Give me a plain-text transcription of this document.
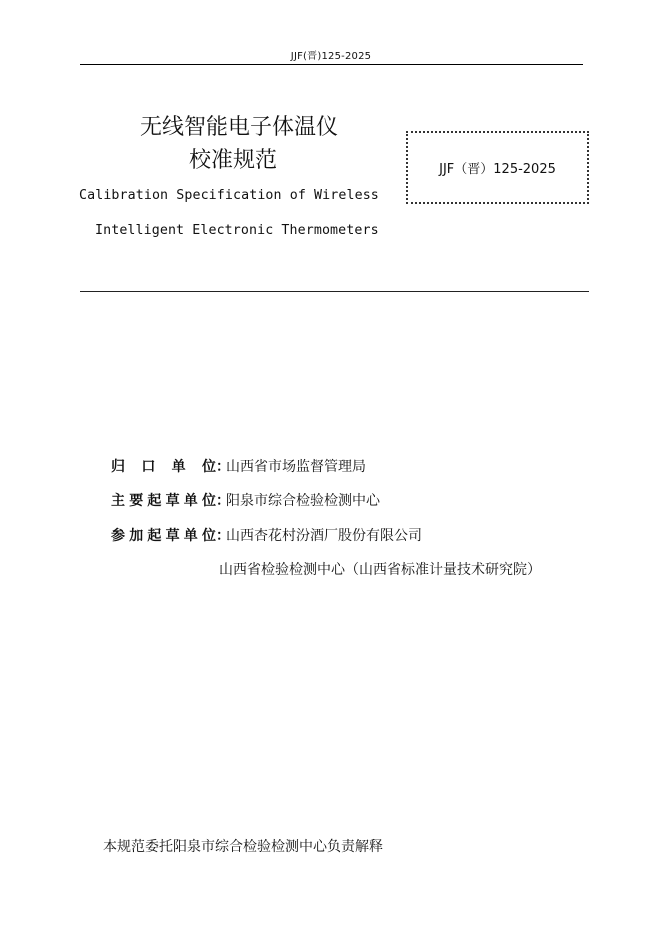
JJF(晋)125-2025
无线智能电子体温仪
校准规范
Calibration Specification of Wireless
Intelligent Electronic Thermometers
JJF（晋）125-2025
归 口 单 位：山西省市场监督管理局
主要起草单位：阳泉市综合检验检测中心
参加起草单位：山西杏花村汾酒厂股份有限公司
山西省检验检测中心（山西省标准计量技术研究院）
本规范委托阳泉市综合检验检测中心负责解释
